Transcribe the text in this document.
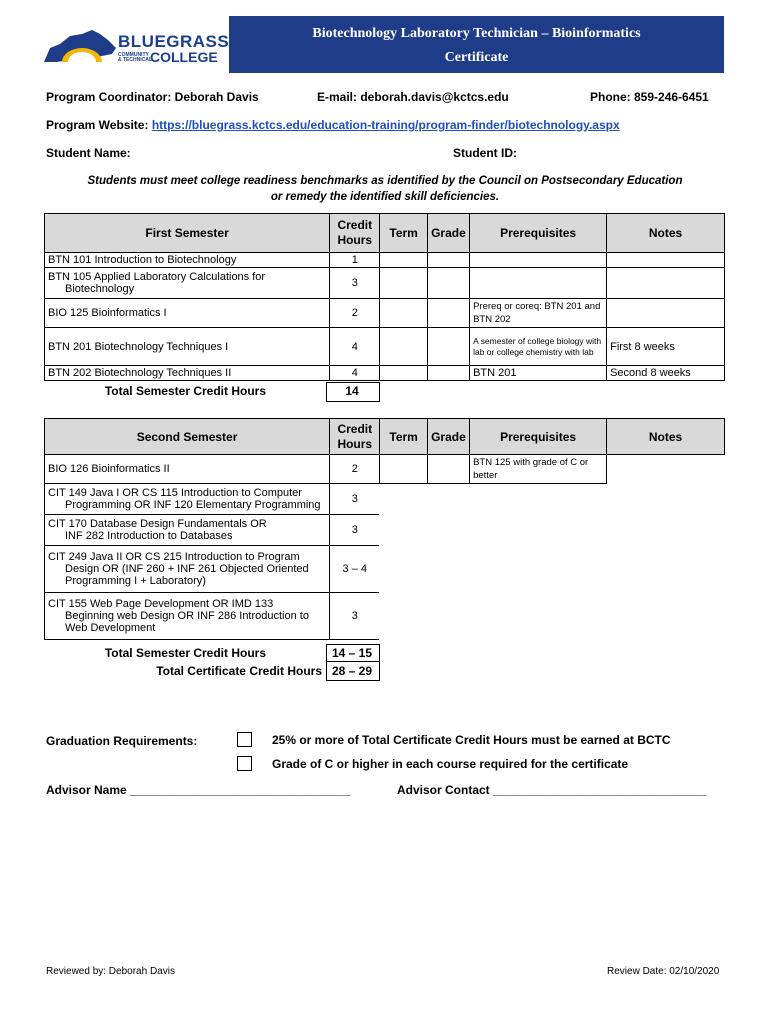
BLUEGRASS
COMMUNITY
& TECHNICAL
COLLEGE
Biotechnology Laboratory Technician – Bioinformatics
Certificate
Program Coordinator: Deborah Davis	E-mail: deborah.davis@kctcs.edu	Phone: 859-246-6451
Program Website: https://bluegrass.kctcs.edu/education-training/program-finder/biotechnology.aspx
Student Name:	Student ID:
Students must meet college readiness benchmarks as identified by the Council on Postsecondary Education
or remedy the identified skill deficiencies.
First Semester	Credit Hours	Term	Grade	Prerequisites	Notes
BTN 101 Introduction to Biotechnology	1				
BTN 105 Applied Laboratory Calculations for
Biotechnology	3				
BIO 125 Bioinformatics I	2			Prereq or coreq: BTN 201 and BTN 202	
BTN 201 Biotechnology Techniques I	4			A semester of college biology with lab or college chemistry with lab	First 8 weeks
BTN 202 Biotechnology Techniques II	4			BTN 201	Second 8 weeks
Total Semester Credit Hours	14
Second Semester	Credit Hours	Term	Grade	Prerequisites	Notes
BIO 126 Bioinformatics II	2			BTN 125 with grade of C or better	
CIT 149 Java I OR CS 115 Introduction to Computer
Programming OR INF 120 Elementary Programming	3				
CIT 170 Database Design Fundamentals OR
INF 282 Introduction to Databases	3				
CIT 249 Java II OR CS 215 Introduction to Program
Design OR (INF 260 + INF 261 Objected Oriented
Programming I + Laboratory)	3 – 4				
CIT 155 Web Page Development OR IMD 133
Beginning web Design OR INF 286 Introduction to
Web Development	3				
Total Semester Credit Hours	14 – 15
Total Certificate Credit Hours 28 – 29
Graduation Requirements:	25% or more of Total Certificate Credit Hours must be earned at BCTC
Grade of C or higher in each course required for the certificate
Advisor Name _________________________________	Advisor Contact ________________________________
Reviewed by: Deborah Davis	Review Date: 02/10/2020
